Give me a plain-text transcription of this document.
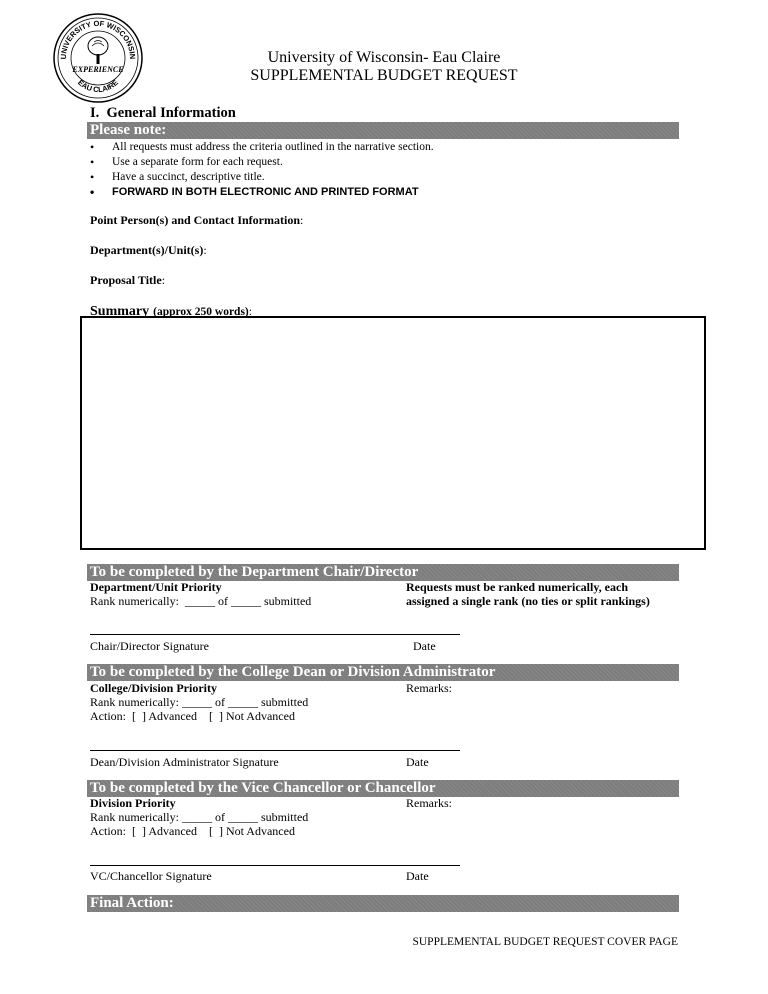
UNIVERSITY OF WISCONSIN
EAU CLAIRE
EXPERIENCE
University of Wisconsin- Eau Claire
SUPPLEMENTAL BUDGET REQUEST
I.  General Information
Please note:
• All requests must address the criteria outlined in the narrative section.
• Use a separate form for each request.
• Have a succinct, descriptive title.
• FORWARD IN BOTH ELECTRONIC AND PRINTED FORMAT
Point Person(s) and Contact Information:
Department(s)/Unit(s):
Proposal Title:
Summary (approx 250 words):
To be completed by the Department Chair/Director
Department/Unit Priority
Rank numerically:  _____ of _____ submitted
Requests must be ranked numerically, each
assigned a single rank (no ties or split rankings)
Chair/Director Signature	Date
To be completed by the College Dean or Division Administrator
College/Division Priority
Rank numerically: _____ of _____ submitted
Action:  [  ] Advanced    [  ] Not Advanced
Remarks:
Dean/Division Administrator Signature	Date
To be completed by the Vice Chancellor or Chancellor
Division Priority
Rank numerically: _____ of _____ submitted
Action:  [  ] Advanced    [  ] Not Advanced
Remarks:
VC/Chancellor Signature	Date
Final Action:
SUPPLEMENTAL BUDGET REQUEST COVER PAGE
